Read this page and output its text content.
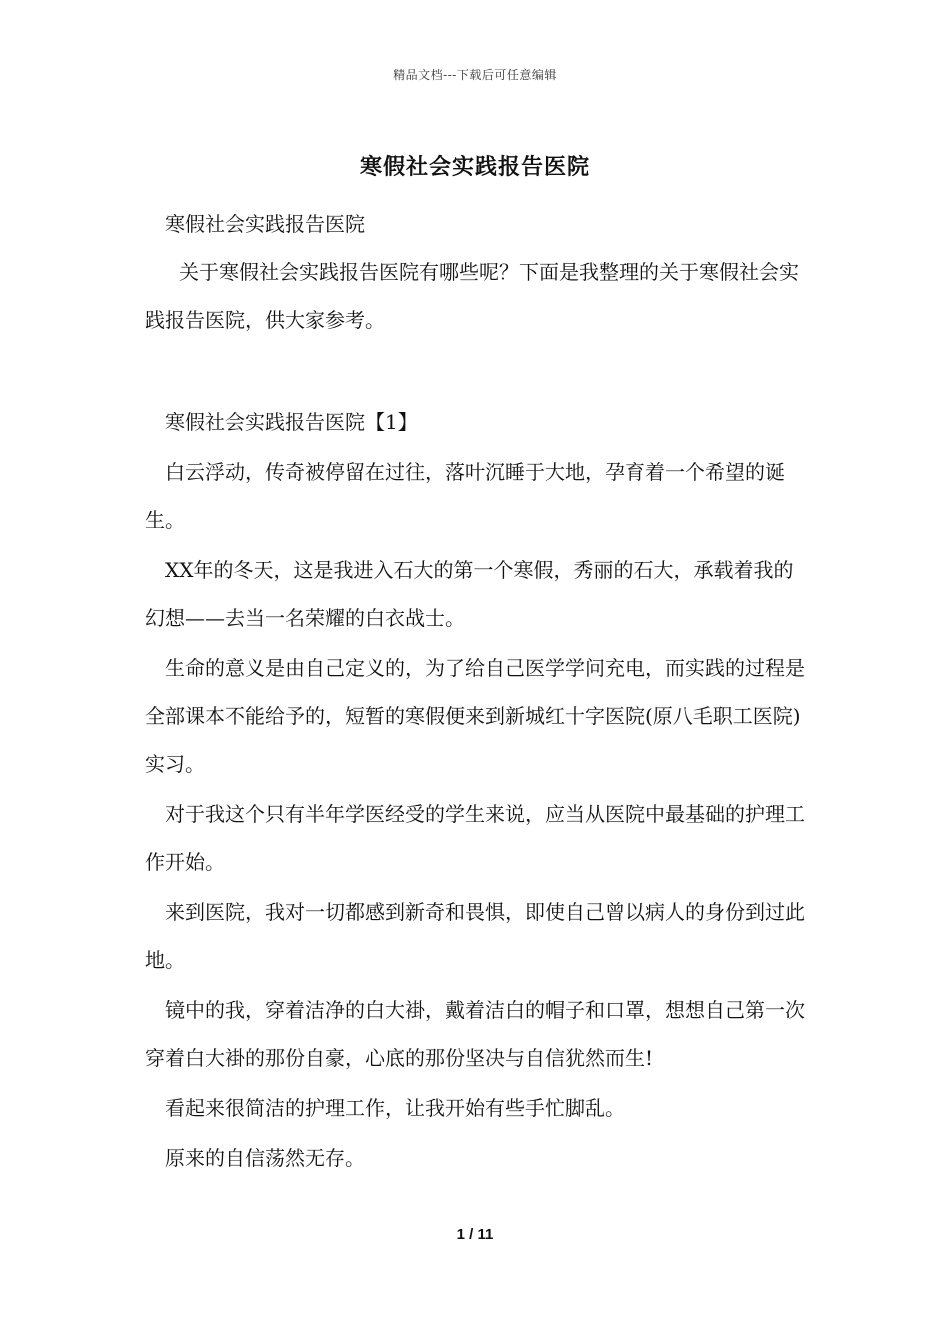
精品文档---下载后可任意编辑
寒假社会实践报告医院

寒假社会实践报告医院

关于寒假社会实践报告医院有哪些呢？下面是我整理的关于寒假社会实践报告医院，供大家参考。

寒假社会实践报告医院【1】

白云浮动，传奇被停留在过往，落叶沉睡于大地，孕育着一个希望的诞生。

XX年的冬天，这是我进入石大的第一个寒假，秀丽的石大，承载着我的幻想——去当一名荣耀的白衣战士。

生命的意义是由自己定义的，为了给自己医学学问充电，而实践的过程是全部课本不能给予的，短暂的寒假便来到新城红十字医院(原八毛职工医院)实习。

对于我这个只有半年学医经受的学生来说，应当从医院中最基础的护理工作开始。

来到医院，我对一切都感到新奇和畏惧，即使自己曾以病人的身份到过此地。

镜中的我，穿着洁净的白大褂，戴着洁白的帽子和口罩，想想自己第一次穿着白大褂的那份自豪，心底的那份坚决与自信犹然而生!

看起来很简洁的护理工作，让我开始有些手忙脚乱。

原来的自信荡然无存。

1 / 11
